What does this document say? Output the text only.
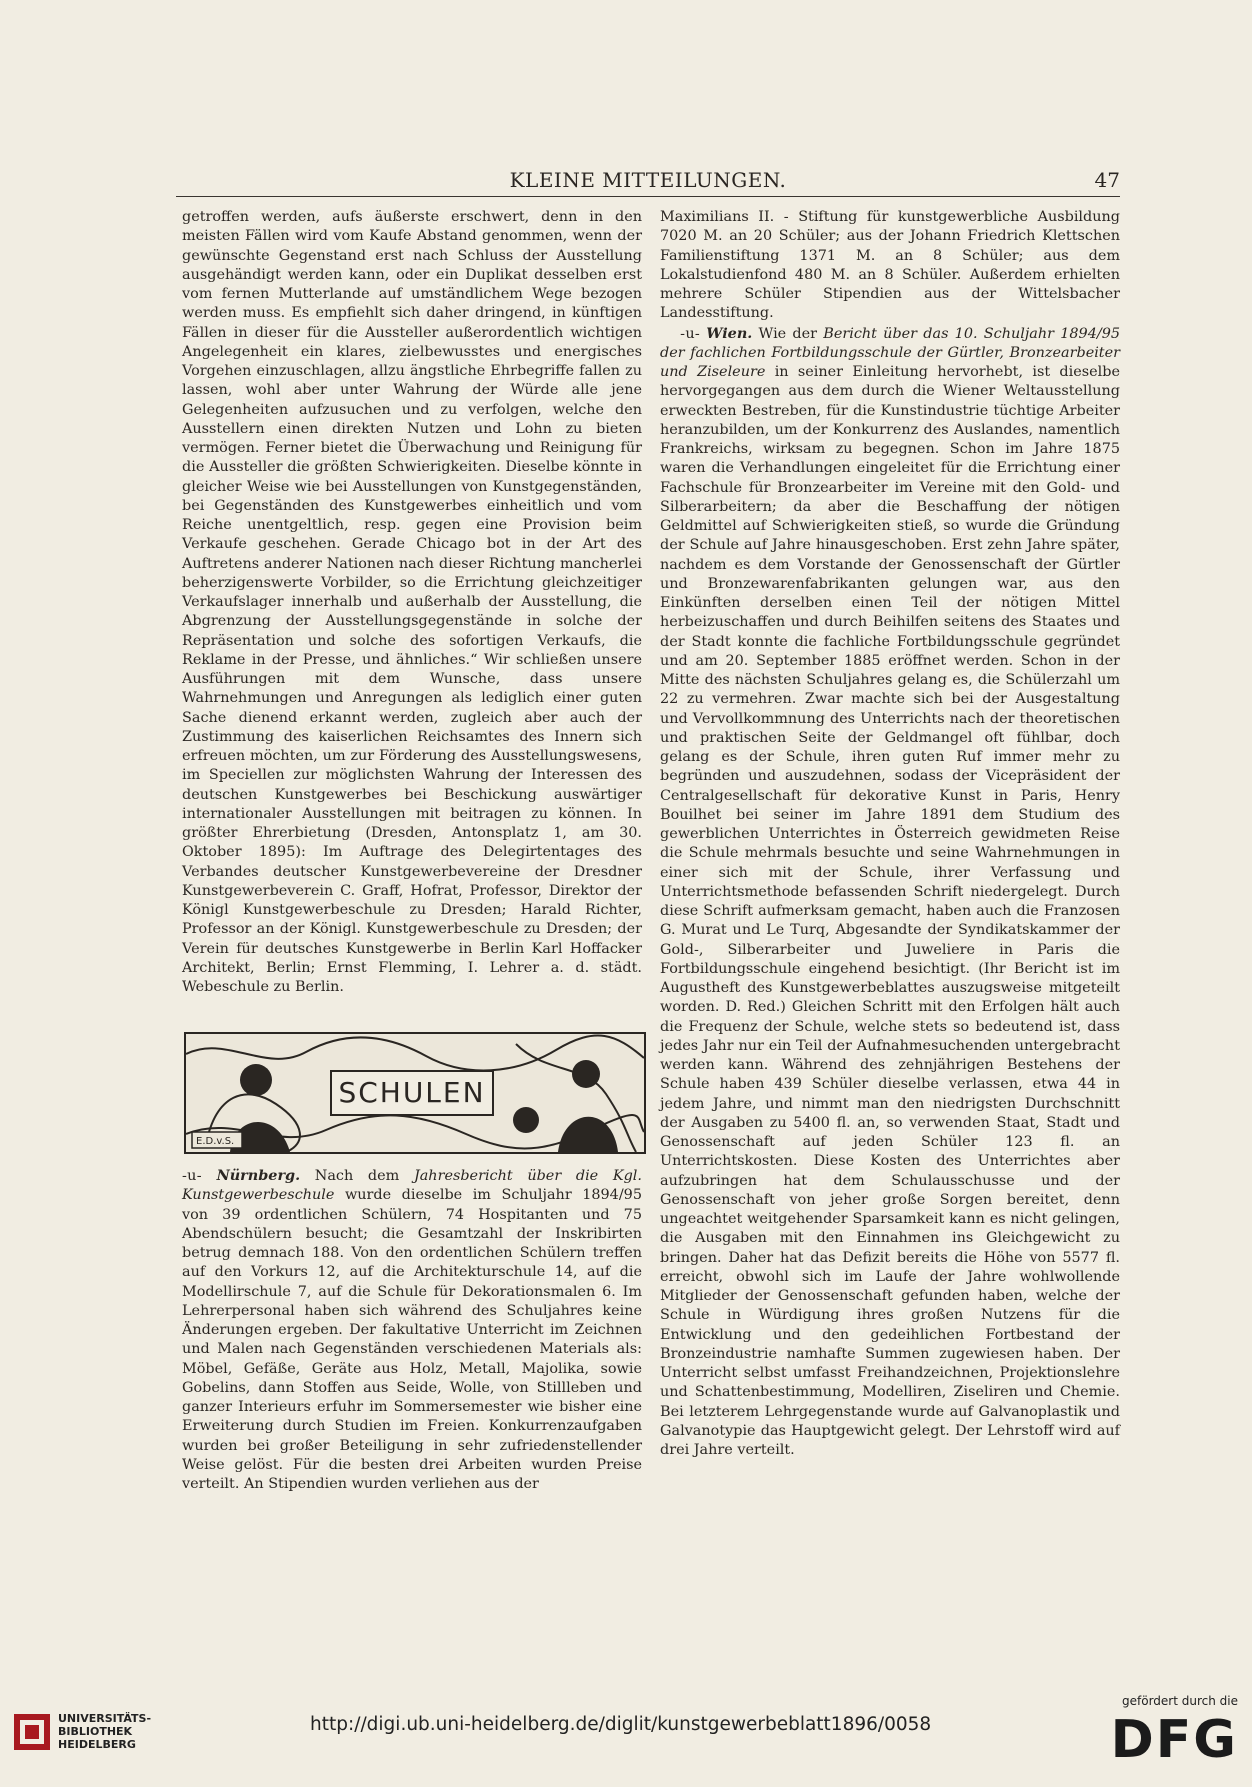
KLEINE MITTEILUNGEN.	47

getroffen werden, aufs äußerste erschwert, denn in den meisten Fällen wird vom Kaufe Abstand genommen, wenn der gewünschte Gegenstand erst nach Schluss der Ausstellung ausgehändigt werden kann, oder ein Duplikat desselben erst vom fernen Mutterlande auf umständlichem Wege bezogen werden muss. Es empfiehlt sich daher dringend, in künftigen Fällen in dieser für die Aussteller außerordentlich wichtigen Angelegenheit ein klares, zielbewusstes und energisches Vorgehen einzuschlagen, allzu ängstliche Ehrbegriffe fallen zu lassen, wohl aber unter Wahrung der Würde alle jene Gelegenheiten aufzusuchen und zu verfolgen, welche den Ausstellern einen direkten Nutzen und Lohn zu bieten vermögen. Ferner bietet die Überwachung und Reinigung für die Aussteller die größten Schwierigkeiten. Dieselbe könnte in gleicher Weise wie bei Ausstellungen von Kunstgegenständen, bei Gegenständen des Kunstgewerbes einheitlich und vom Reiche unentgeltlich, resp. gegen eine Provision beim Verkaufe geschehen. Gerade Chicago bot in der Art des Auftretens anderer Nationen nach dieser Richtung mancherlei beherzigenswerte Vorbilder, so die Errichtung gleichzeitiger Verkaufslager innerhalb und außerhalb der Ausstellung, die Abgrenzung der Ausstellungsgegenstände in solche der Repräsentation und solche des sofortigen Verkaufs, die Reklame in der Presse, und ähnliches.“ Wir schließen unsere Ausführungen mit dem Wunsche, dass unsere Wahrnehmungen und Anregungen als lediglich einer guten Sache dienend erkannt werden, zugleich aber auch der Zustimmung des kaiserlichen Reichsamtes des Innern sich erfreuen möchten, um zur Förderung des Ausstellungswesens, im Speciellen zur möglichsten Wahrung der Interessen des deutschen Kunstgewerbes bei Beschickung auswärtiger internationaler Ausstellungen mit beitragen zu können. In größter Ehrerbietung (Dresden, Antonsplatz 1, am 30. Oktober 1895): Im Auftrage des Delegirtentages des Verbandes deutscher Kunstgewerbevereine der Dresdner Kunstgewerbeverein C. Graff, Hofrat, Professor, Direktor der Königl Kunstgewerbeschule zu Dresden; Harald Richter, Professor an der Königl. Kunstgewerbeschule zu Dresden; der Verein für deutsches Kunstgewerbe in Berlin Karl Hoffacker Architekt, Berlin; Ernst Flemming, I. Lehrer a. d. städt. Webeschule zu Berlin.

E.D.v.S.
SCHULEN

-u- Nürnberg. Nach dem Jahresbericht über die Kgl. Kunstgewerbeschule wurde dieselbe im Schuljahr 1894/95 von 39 ordentlichen Schülern, 74 Hospitanten und 75 Abendschülern besucht; die Gesamtzahl der Inskribirten betrug demnach 188. Von den ordentlichen Schülern treffen auf den Vorkurs 12, auf die Architekturschule 14, auf die Modellirschule 7, auf die Schule für Dekorationsmalen 6. Im Lehrerpersonal haben sich während des Schuljahres keine Änderungen ergeben. Der fakultative Unterricht im Zeichnen und Malen nach Gegenständen verschiedenen Materials als: Möbel, Gefäße, Geräte aus Holz, Metall, Majolika, sowie Gobelins, dann Stoffen aus Seide, Wolle, von Stillleben und ganzer Interieurs erfuhr im Sommersemester wie bisher eine Erweiterung durch Studien im Freien. Konkurrenzaufgaben wurden bei großer Beteiligung in sehr zufriedenstellender Weise gelöst. Für die besten drei Arbeiten wurden Preise verteilt. An Stipendien wurden verliehen aus der

Maximilians II. - Stiftung für kunstgewerbliche Ausbildung 7020 M. an 20 Schüler; aus der Johann Friedrich Klettschen Familienstiftung 1371 M. an 8 Schüler; aus dem Lokalstudienfond 480 M. an 8 Schüler. Außerdem erhielten mehrere Schüler Stipendien aus der Wittelsbacher Landesstiftung.

-u- Wien. Wie der Bericht über das 10. Schuljahr 1894/95 der fachlichen Fortbildungsschule der Gürtler, Bronzearbeiter und Ziseleure in seiner Einleitung hervorhebt, ist dieselbe hervorgegangen aus dem durch die Wiener Weltausstellung erweckten Bestreben, für die Kunstindustrie tüchtige Arbeiter heranzubilden, um der Konkurrenz des Auslandes, namentlich Frankreichs, wirksam zu begegnen. Schon im Jahre 1875 waren die Verhandlungen eingeleitet für die Errichtung einer Fachschule für Bronzearbeiter im Vereine mit den Gold- und Silberarbeitern; da aber die Beschaffung der nötigen Geldmittel auf Schwierigkeiten stieß, so wurde die Gründung der Schule auf Jahre hinausgeschoben. Erst zehn Jahre später, nachdem es dem Vorstande der Genossenschaft der Gürtler und Bronzewarenfabrikanten gelungen war, aus den Einkünften derselben einen Teil der nötigen Mittel herbeizuschaffen und durch Beihilfen seitens des Staates und der Stadt konnte die fachliche Fortbildungsschule gegründet und am 20. September 1885 eröffnet werden. Schon in der Mitte des nächsten Schuljahres gelang es, die Schülerzahl um 22 zu vermehren. Zwar machte sich bei der Ausgestaltung und Vervollkommnung des Unterrichts nach der theoretischen und praktischen Seite der Geldmangel oft fühlbar, doch gelang es der Schule, ihren guten Ruf immer mehr zu begründen und auszudehnen, sodass der Vicepräsident der Centralgesellschaft für dekorative Kunst in Paris, Henry Bouilhet bei seiner im Jahre 1891 dem Studium des gewerblichen Unterrichtes in Österreich gewidmeten Reise die Schule mehrmals besuchte und seine Wahrnehmungen in einer sich mit der Schule, ihrer Verfassung und Unterrichtsmethode befassenden Schrift niedergelegt. Durch diese Schrift aufmerksam gemacht, haben auch die Franzosen G. Murat und Le Turq, Abgesandte der Syndikatskammer der Gold-, Silberarbeiter und Juweliere in Paris die Fortbildungsschule eingehend besichtigt. (Ihr Bericht ist im Augustheft des Kunstgewerbeblattes auszugsweise mitgeteilt worden. D. Red.) Gleichen Schritt mit den Erfolgen hält auch die Frequenz der Schule, welche stets so bedeutend ist, dass jedes Jahr nur ein Teil der Aufnahmesuchenden untergebracht werden kann. Während des zehnjährigen Bestehens der Schule haben 439 Schüler dieselbe verlassen, etwa 44 in jedem Jahre, und nimmt man den niedrigsten Durchschnitt der Ausgaben zu 5400 fl. an, so verwenden Staat, Stadt und Genossenschaft auf jeden Schüler 123 fl. an Unterrichtskosten. Diese Kosten des Unterrichtes aber aufzubringen hat dem Schulausschusse und der Genossenschaft von jeher große Sorgen bereitet, denn ungeachtet weitgehender Sparsamkeit kann es nicht gelingen, die Ausgaben mit den Einnahmen ins Gleichgewicht zu bringen. Daher hat das Defizit bereits die Höhe von 5577 fl. erreicht, obwohl sich im Laufe der Jahre wohlwollende Mitglieder der Genossenschaft gefunden haben, welche der Schule in Würdigung ihres großen Nutzens für die Entwicklung und den gedeihlichen Fortbestand der Bronzeindustrie namhafte Summen zugewiesen haben. Der Unterricht selbst umfasst Freihandzeichnen, Projektionslehre und Schattenbestimmung, Modelliren, Ziseliren und Chemie. Bei letzterem Lehrgegenstande wurde auf Galvanoplastik und Galvanotypie das Hauptgewicht gelegt. Der Lehrstoff wird auf drei Jahre verteilt.

UNIVERSITÄTS-
BIBLIOTHEK
HEIDELBERG
http://digi.ub.uni-heidelberg.de/diglit/kunstgewerbeblatt1896/0058
gefördert durch die
DFG
